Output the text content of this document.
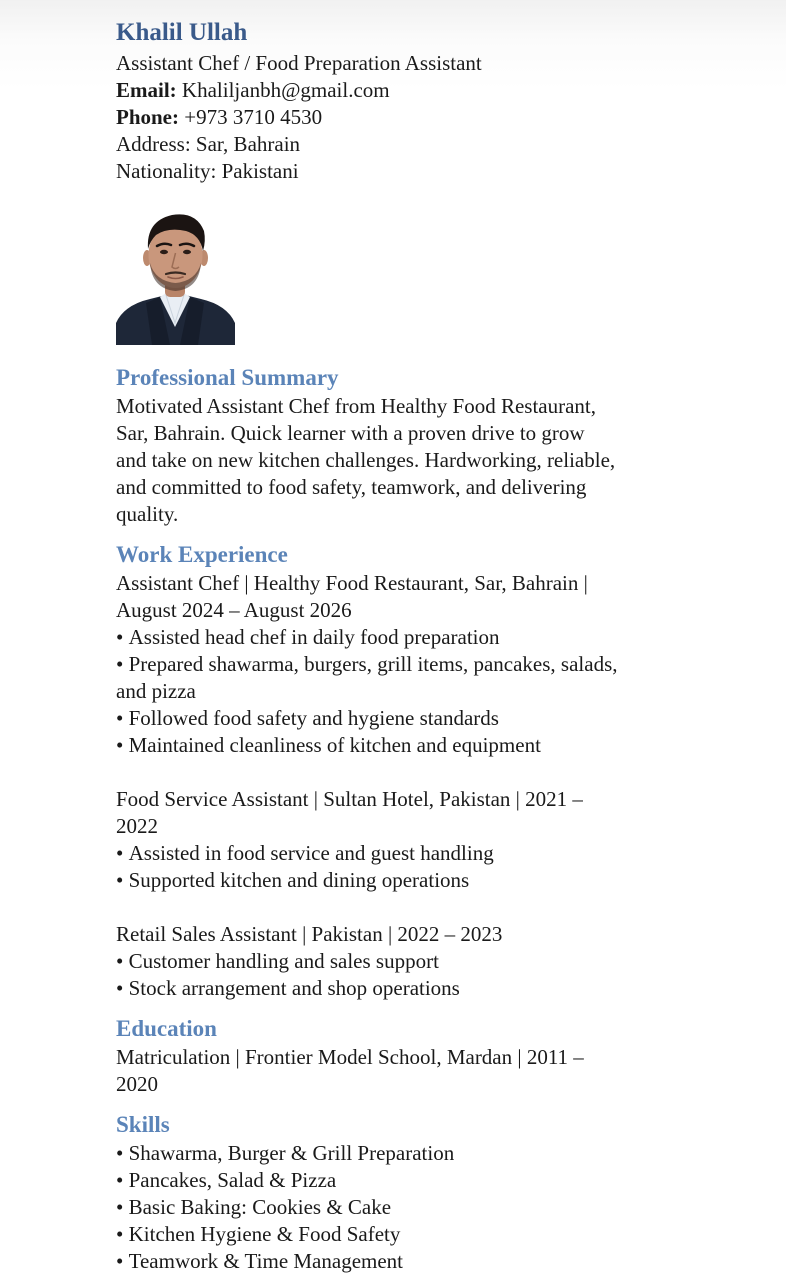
Khalil Ullah

Assistant Chef / Food Preparation Assistant

Email: Khaliljanbh@gmail.com

Phone: +973 3710 4530

Address: Sar, Bahrain

Nationality: Pakistani

Professional Summary

Motivated Assistant Chef from Healthy Food Restaurant,

Sar, Bahrain. Quick learner with a proven drive to grow

and take on new kitchen challenges. Hardworking, reliable,

and committed to food safety, teamwork, and delivering

quality.

Work Experience

Assistant Chef | Healthy Food Restaurant, Sar, Bahrain |

August 2024 – August 2026

• Assisted head chef in daily food preparation
• Prepared shawarma, burgers, grill items, pancakes, salads,

and pizza

• Followed food safety and hygiene standards
• Maintained cleanliness of kitchen and equipment

Food Service Assistant | Sultan Hotel, Pakistan | 2021 –

2022

• Assisted in food service and guest handling
• Supported kitchen and dining operations

Retail Sales Assistant | Pakistan | 2022 – 2023

• Customer handling and sales support
• Stock arrangement and shop operations

Education

Matriculation | Frontier Model School, Mardan | 2011 –

2020

Skills

• Shawarma, Burger & Grill Preparation
• Pancakes, Salad & Pizza
• Basic Baking: Cookies & Cake
• Kitchen Hygiene & Food Safety
• Teamwork & Time Management
